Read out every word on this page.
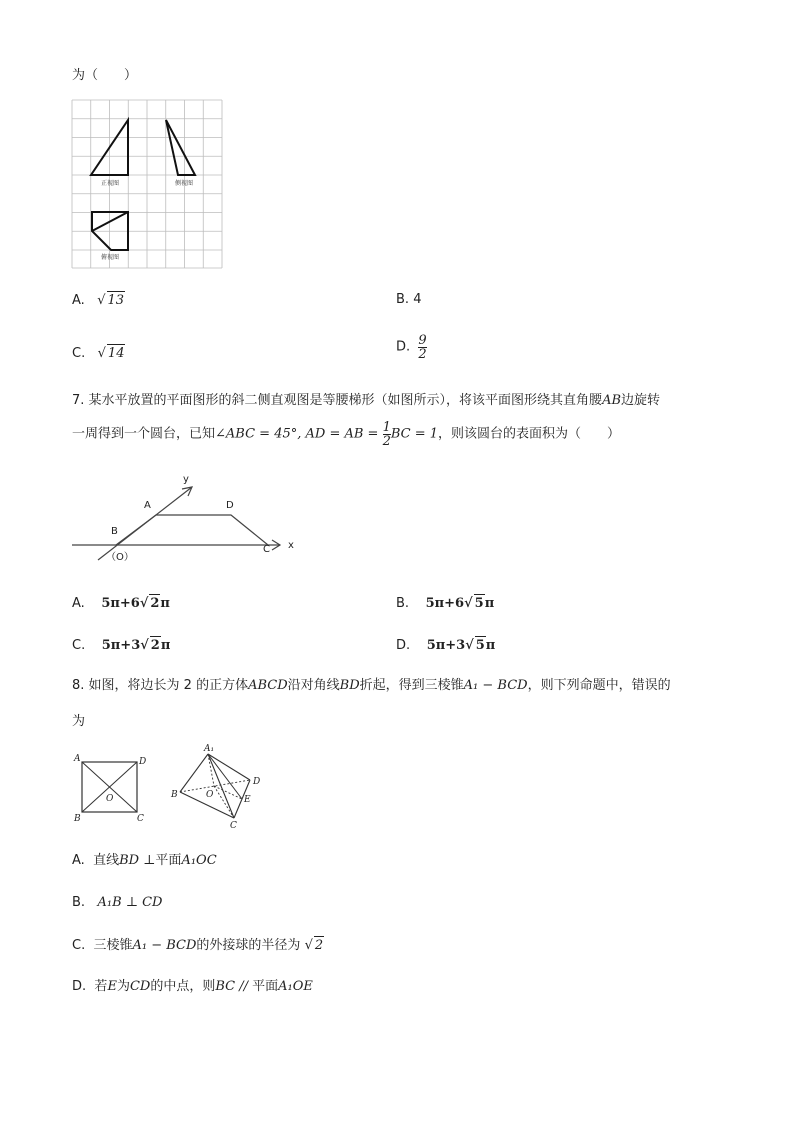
为（　　）
正视图	侧视图
俯视图
A. √ 13	B. 4
C. √ 14	D. $\frac{9}{2}$
7. 某水平放置的平面图形的斜二侧直观图是等腰梯形（如图所示），将该平面图形绕其直角腰AB边旋转
一周得到一个圆台，已知∠ABC = 45°, AD = AB = $\frac{1}{2}$ BC = 1，则该圆台的表面积为（　　）
y
x
A	D
B
C
（O）
A. 5π+6√ 2π	B. 5π+6√ 5π
C. 5π+3√ 2π	D. 5π+3√ 5π
8. 如图，将边长为 2 的正方体ABCD沿对角线BD折起，得到三棱锥A₁ − BCD，则下列命题中，错误的
为
A	D
O
B	C
A₁
D
O
B
C
E
A. 直线BD ⊥平面A₁OC
B. A₁B ⊥ CD
C. 三棱锥A₁ − BCD的外接球的半径为 √ 2
D. 若E为CD的中点，则BC // 平面A₁OE
